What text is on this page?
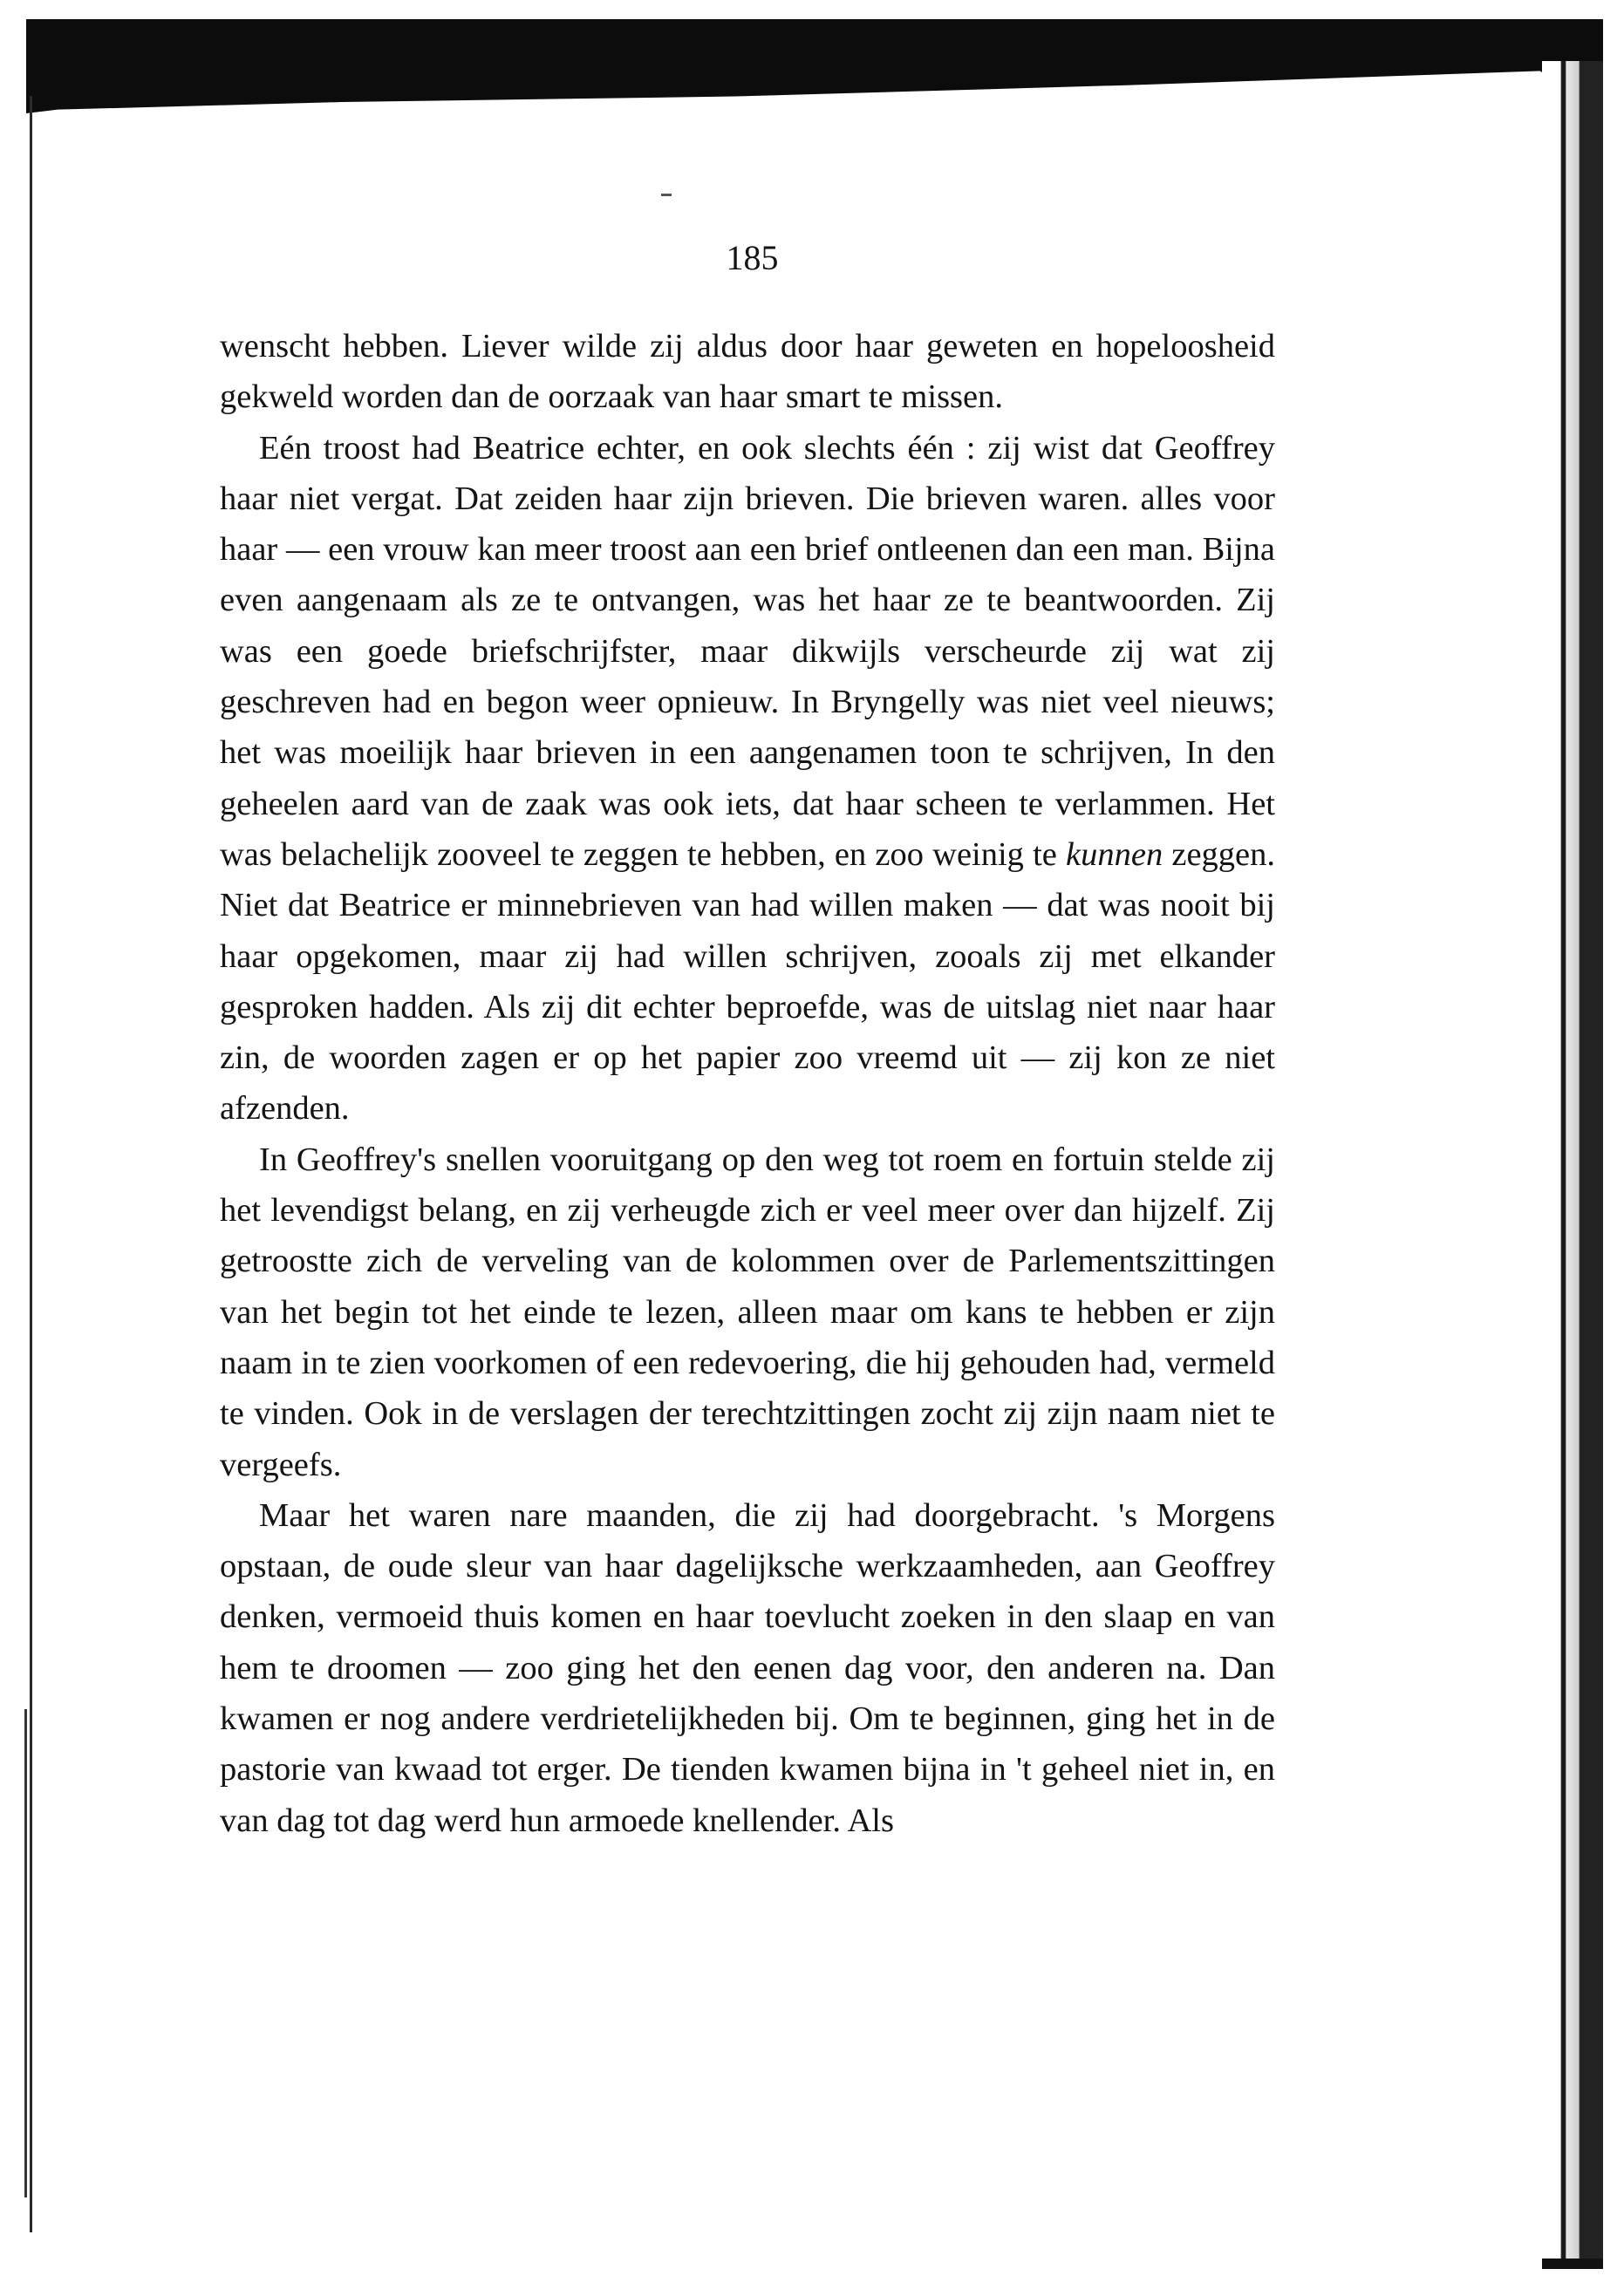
185

wenscht hebben. Liever wilde zij aldus door haar geweten en hopeloosheid gekweld worden dan de oorzaak van haar smart te missen.

Eén troost had Beatrice echter, en ook slechts één : zij wist dat Geoffrey haar niet vergat. Dat zeiden haar zijn brieven. Die brieven waren. alles voor haar — een vrouw kan meer troost aan een brief ontleenen dan een man. Bijna even aangenaam als ze te ontvangen, was het haar ze te beantwoorden. Zij was een goede briefschrijfster, maar dikwijls verscheurde zij wat zij geschreven had en begon weer opnieuw. In Bryngelly was niet veel nieuws; het was moeilijk haar brieven in een aangenamen toon te schrijven, In den geheelen aard van de zaak was ook iets, dat haar scheen te verlammen. Het was belachelijk zooveel te zeggen te hebben, en zoo weinig te kunnen zeggen. Niet dat Beatrice er minnebrieven van had willen maken — dat was nooit bij haar opgekomen, maar zij had willen schrijven, zooals zij met elkander gesproken hadden. Als zij dit echter beproefde, was de uitslag niet naar haar zin, de woorden zagen er op het papier zoo vreemd uit — zij kon ze niet afzenden.

In Geoffrey's snellen vooruitgang op den weg tot roem en fortuin stelde zij het levendigst belang, en zij verheugde zich er veel meer over dan hijzelf. Zij getroostte zich de verveling van de kolommen over de Parlementszittingen van het begin tot het einde te lezen, alleen maar om kans te hebben er zijn naam in te zien voorkomen of een redevoering, die hij gehouden had, vermeld te vinden. Ook in de verslagen der terechtzittingen zocht zij zijn naam niet te vergeefs.

Maar het waren nare maanden, die zij had doorgebracht. 's Morgens opstaan, de oude sleur van haar dagelijksche werkzaamheden, aan Geoffrey denken, vermoeid thuis komen en haar toevlucht zoeken in den slaap en van hem te droomen — zoo ging het den eenen dag voor, den anderen na. Dan kwamen er nog andere verdrietelijkheden bij. Om te beginnen, ging het in de pastorie van kwaad tot erger. De tienden kwamen bijna in 't geheel niet in, en van dag tot dag werd hun armoede knellender. Als
